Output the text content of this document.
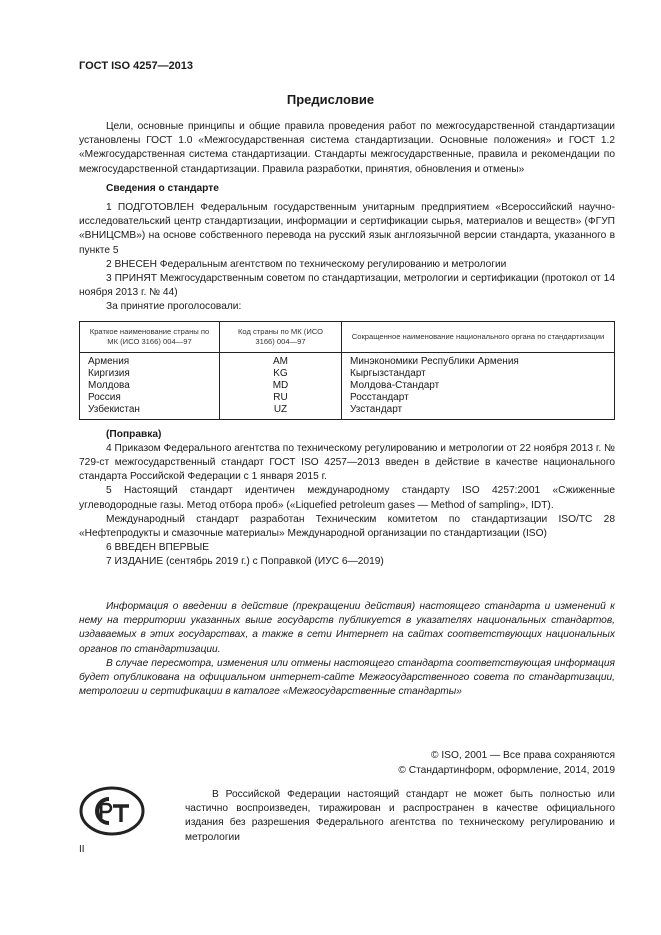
ГОСТ ISO 4257—2013
Предисловие

Цели, основные принципы и общие правила проведения работ по межгосударственной стандартизации установлены ГОСТ 1.0 «Межгосударственная система стандартизации. Основные положения» и ГОСТ 1.2 «Межгосударственная система стандартизации. Стандарты межгосударственные, правила и рекомендации по межгосударственной стандартизации. Правила разработки, принятия, обновления и отмены»

Сведения о стандарте

1 ПОДГОТОВЛЕН Федеральным государственным унитарным предприятием «Всероссийский научно-исследовательский центр стандартизации, информации и сертификации сырья, материалов и веществ» (ФГУП «ВНИЦСМВ») на основе собственного перевода на русский язык англоязычной версии стандарта, указанного в пункте 5

2 ВНЕСЕН Федеральным агентством по техническому регулированию и метрологии

3 ПРИНЯТ Межгосударственным советом по стандартизации, метрологии и сертификации (протокол от 14 ноября 2013 г. № 44)

За принятие проголосовали:

Краткое наименование страны по МК (ИСО 3166) 004—97	Код страны по МК (ИСО 3166) 004—97	Сокращенное наименование национального органа по стандартизации
Армения	AM	Минэкономики Республики Армения
Киргизия	KG	Кыргызстандарт
Молдова	MD	Молдова-Стандарт
Россия	RU	Росстандарт
Узбекистан	UZ	Узстандарт

(Поправка)

4 Приказом Федерального агентства по техническому регулированию и метрологии от 22 ноября 2013 г. № 729-ст межгосударственный стандарт ГОСТ ISO 4257—2013 введен в действие в качестве национального стандарта Российской Федерации с 1 января 2015 г.

5 Настоящий стандарт идентичен международному стандарту ISO 4257:2001 «Сжиженные углеводородные газы. Метод отбора проб» («Liquefied petroleum gases — Method of sampling», IDT).

Международный стандарт разработан Техническим комитетом по стандартизации ISO/TC 28 «Нефтепродукты и смазочные материалы» Международной организации по стандартизации (ISO)

6 ВВЕДЕН ВПЕРВЫЕ

7 ИЗДАНИЕ (сентябрь 2019 г.) с Поправкой (ИУС 6—2019)

Информация о введении в действие (прекращении действия) настоящего стандарта и изменений к нему на территории указанных выше государств публикуется в указателях национальных стандартов, издаваемых в этих государствах, а также в сети Интернет на сайтах соответствующих национальных органов по стандартизации.

В случае пересмотра, изменения или отмены настоящего стандарта соответствующая информация будет опубликована на официальном интернет-сайте Межгосударственного совета по стандартизации, метрологии и сертификации в каталоге «Межгосударственные стандарты»

© ISO, 2001 — Все права сохраняются
© Стандартинформ, оформление, 2014, 2019

В Российской Федерации настоящий стандарт не может быть полностью или частично воспроизведен, тиражирован и распространен в качестве официального издания без разрешения Федерального агентства по техническому регулированию и метрологии

II
